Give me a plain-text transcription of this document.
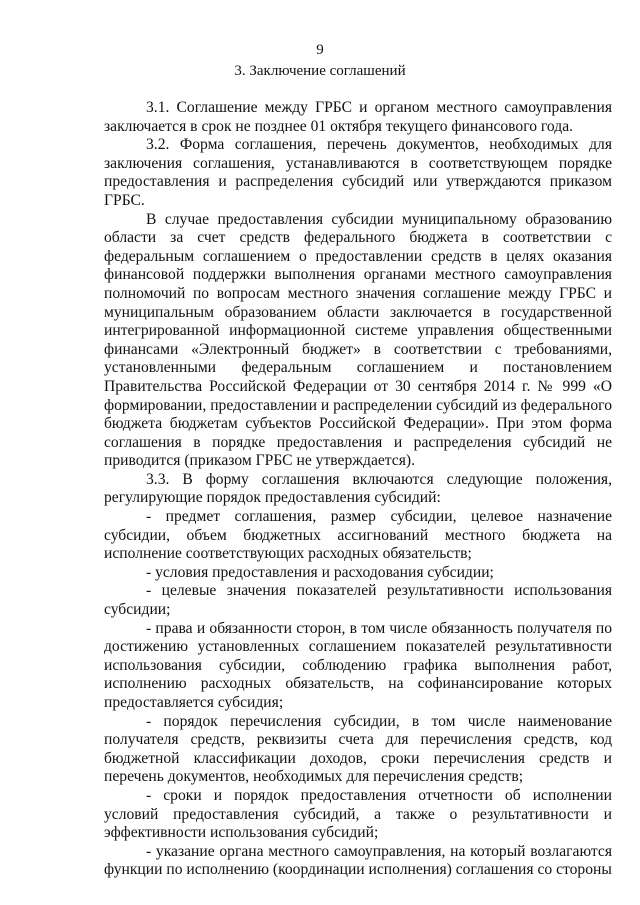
9
3. Заключение соглашений

3.1. Соглашение между ГРБС и органом местного самоуправления заключается в срок не позднее 01 октября текущего финансового года.

3.2. Форма соглашения, перечень документов, необходимых для заключения соглашения, устанавливаются в соответствующем порядке предоставления и распределения субсидий или утверждаются приказом ГРБС.

В случае предоставления субсидии муниципальному образованию области за счет средств федерального бюджета в соответствии с федеральным соглашением о предоставлении средств в целях оказания финансовой поддержки выполнения органами местного самоуправления полномочий по вопросам местного значения соглашение между ГРБС и муниципальным образованием области заключается в государственной интегрированной информационной системе управления общественными финансами «Электронный бюджет» в соответствии с требованиями, установленными федеральным соглашением и постановлением Правительства Российской Федерации от 30 сентября 2014 г. № 999 «О формировании, предоставлении и распределении субсидий из федерального бюджета бюджетам субъектов Российской Федерации». При этом форма соглашения в порядке предоставления и распределения субсидий не приводится (приказом ГРБС не утверждается).

3.3. В форму соглашения включаются следующие положения, регулирующие порядок предоставления субсидий:

- предмет соглашения, размер субсидии, целевое назначение субсидии, объем бюджетных ассигнований местного бюджета на исполнение соответствующих расходных обязательств;

- условия предоставления и расходования субсидии;

- целевые значения показателей результативности использования субсидии;

- права и обязанности сторон, в том числе обязанность получателя по достижению установленных соглашением показателей результативности использования субсидии, соблюдению графика выполнения работ, исполнению расходных обязательств, на софинансирование которых предоставляется субсидия;

- порядок перечисления субсидии, в том числе наименование получателя средств, реквизиты счета для перечисления средств, код бюджетной классификации доходов, сроки перечисления средств и перечень документов, необходимых для перечисления средств;

- сроки и порядок предоставления отчетности об исполнении условий предоставления субсидий, а также о результативности и эффективности использования субсидий;

- указание органа местного самоуправления, на который возлагаются функции по исполнению (координации исполнения) соглашения со стороны
